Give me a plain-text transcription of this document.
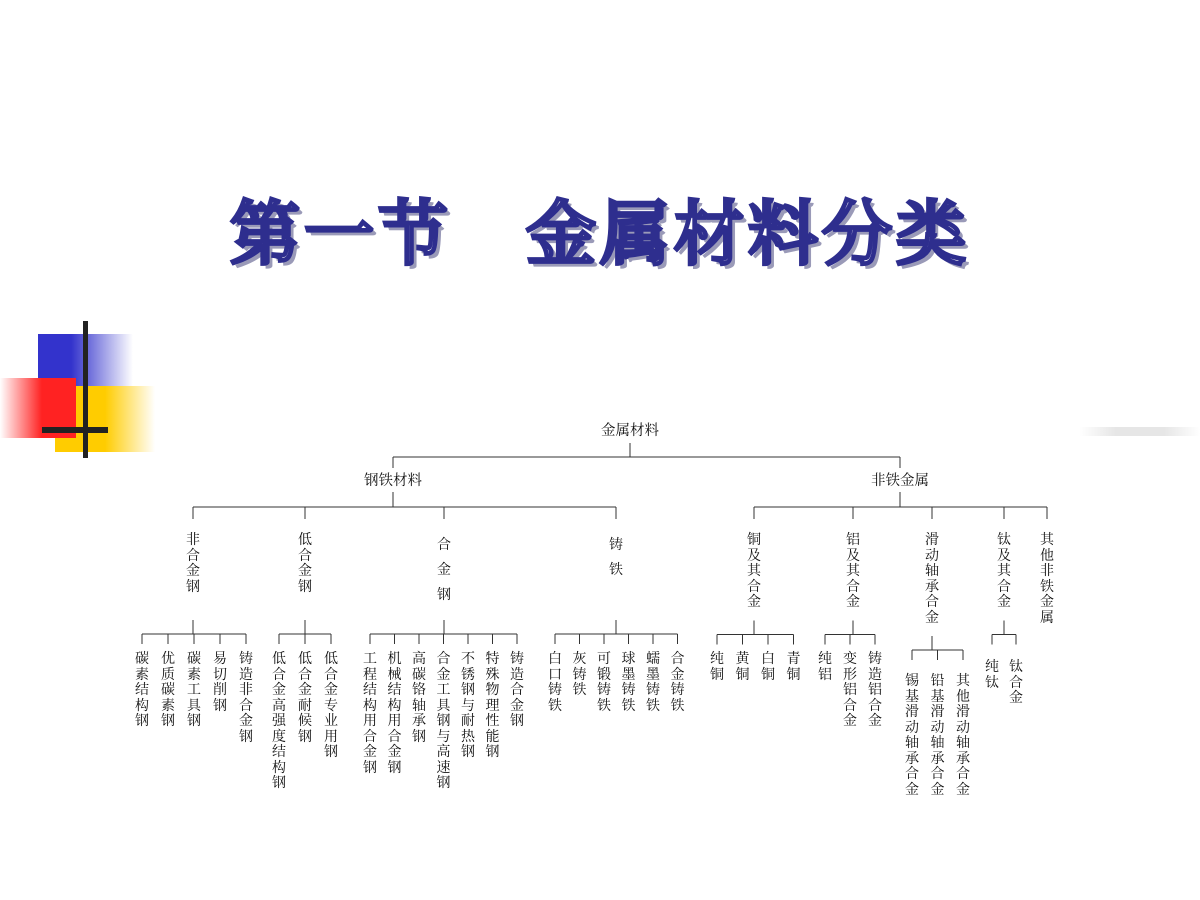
第一节　金属材料分类
金属材料
钢铁材料	非铁金属
非
合
金
钢
碳
素
结
构
钢
优
质
碳
素
钢
碳
素
工
具
钢
易
切
削
钢
铸
造
非
合
金
钢
低
合
金
钢
低
合
金
高
强
度
结
构
钢
低
合
金
耐
候
钢
低
合
金
专
业
用
钢
合
金
钢
工
程
结
构
用
合
金
钢
机
械
结
构
用
合
金
钢
高
碳
铬
轴
承
钢
合
金
工
具
钢
与
高
速
钢
不
锈
钢
与
耐
热
钢
特
殊
物
理
性
能
钢
铸
造
合
金
钢
铸
铁
白
口
铸
铁
灰
铸
铁
可
锻
铸
铁
球
墨
铸
铁
蠕
墨
铸
铁
合
金
铸
铁
铜
及
其
合
金
纯
铜
黄
铜
白
铜
青
铜
铝
及
其
合
金
纯
铝
变
形
铝
合
金
铸
造
铝
合
金
滑
动
轴
承
合
金
锡
基
滑
动
轴
承
合
金
铅
基
滑
动
轴
承
合
金
其
他
滑
动
轴
承
合
金
钛
及
其
合
金
纯
钛
钛
合
金
其
他
非
铁
金
属
